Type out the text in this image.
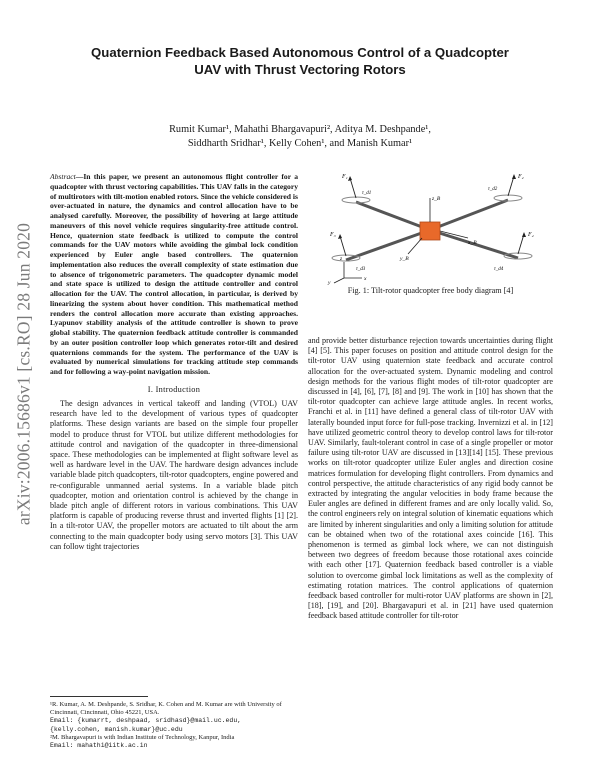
arXiv:2006.15686v1 [cs.RO] 28 Jun 2020
Quaternion Feedback Based Autonomous Control of a Quadcopter UAV with Thrust Vectoring Rotors
Rumit Kumar¹, Mahathi Bhargavapuri², Aditya M. Deshpande¹,
Siddharth Sridhar¹, Kelly Cohen¹, and Manish Kumar¹
Abstract—In this paper, we present an autonomous flight controller for a quadcopter with thrust vectoring capabilities. This UAV falls in the category of multirotors with tilt-motion enabled rotors. Since the vehicle considered is over-actuated in nature, the dynamics and control allocation have to be analysed carefully. Moreover, the possibility of hovering at large attitude maneuvers of this novel vehicle requires singularity-free attitude control. Hence, quaternion state feedback is utilized to compute the control commands for the UAV motors while avoiding the gimbal lock condition experienced by Euler angle based controllers. The quaternion implementation also reduces the overall complexity of state estimation due to absence of trigonometric parameters. The quadcopter dynamic model and state space is utilized to design the attitude controller and control allocation for the UAV. The control allocation, in particular, is derived by linearizing the system about hover condition. This mathematical method renders the control allocation more accurate than existing approaches. Lyapunov stability analysis of the attitude controller is shown to prove global stability. The quaternion feedback attitude controller is commanded by an outer position controller loop which generates rotor-tilt and desired quaternions commands for the system. The performance of the UAV is evaluated by numerical simulations for tracking attitude step commands and for following a way-point navigation mission.
I. Introduction
The design advances in vertical takeoff and landing (VTOL) UAV research have led to the development of various types of quadcopter platforms. These design variants are based on the simple four propeller model to produce thrust for VTOL but utilize different methodologies for attitude control and navigation of the quadcopter in three-dimensional space. These methodologies can be implemented at flight software level as well as hardware level in the UAV. The hardware design advances include variable blade pitch quadcopters, tilt-rotor quadcopters, engine powered and re-configurable unmanned aerial systems. In a variable blade pitch quadcopter, motion and orientation control is achieved by the change in blade pitch angle of different rotors in various combinations. This UAV platform is capable of producing reverse thrust and inverted flights [1] [2]. In a tilt-rotor UAV, the propeller motors are actuated to tilt about the arm connecting to the main quadcopter body using servo motors [3]. This UAV can follow tight trajectories
¹R. Kumar, A. M. Deshpande, S. Sridhar, K. Cohen and M. Kumar are with University of Cincinnati, Cincinnati, Ohio 45221, USA.
Email: {kumarrt, deshpaad, sridhasd}@mail.uc.edu,
{kelly.cohen, manish.kumar}@uc.edu
²M. Bhargavapuri is with Indian Institute of Technology, Kanpur, India
Email: mahathi@iitk.ac.in
F₁	F₂
F₃	F₄
τ_d1
τ_d2
τ_d3	τ_d4
z_B
x_B
y_B
z
x
y
Fig. 1: Tilt-rotor quadcopter free body diagram [4]
and provide better disturbance rejection towards uncertainties during flight [4] [5]. This paper focuses on position and attitude control design for the tilt-rotor UAV using quaternion state feedback and accurate control allocation for the over-actuated system. Dynamic modeling and control design methods for the various flight modes of tilt-rotor quadcopter are discussed in [4], [6], [7], [8] and [9]. The work in [10] has shown that the tilt-rotor quadcopter can achieve large attitude angles. In recent works, Franchi et al. in [11] have defined a general class of tilt-rotor UAV with laterally bounded input force for full-pose tracking. Invernizzi et al. in [12] have utilized geometric control theory to develop control laws for tilt-rotor UAV. Similarly, fault-tolerant control in case of a single propeller or motor failure using tilt-rotor UAV are discussed in [13][14] [15]. These previous works on tilt-rotor quadcopter utilize Euler angles and direction cosine matrices formulation for developing flight controllers. From dynamics and control perspective, the attitude characteristics of any rigid body cannot be extracted by integrating the angular velocities in body frame because the Euler angles are defined in different frames and are only locally valid. So, the control engineers rely on integral solution of kinematic equations which are limited by inherent singularities and only a limiting solution for attitude can be obtained when two of the rotational axes coincide [16]. This phenomenon is termed as gimbal lock where, we can not distinguish between two degrees of freedom because those rotational axes coincide with each other [17]. Quaternion feedback based controller is a viable solution to overcome gimbal lock limitations as well as the complexity of estimating rotation matrices. The control applications of quaternion feedback based controller for multi-rotor UAV platforms are shown in [2], [18], [19], and [20]. Bhargavapuri et al. in [21] have used quaternion feedback based attitude controller for tilt-rotor
